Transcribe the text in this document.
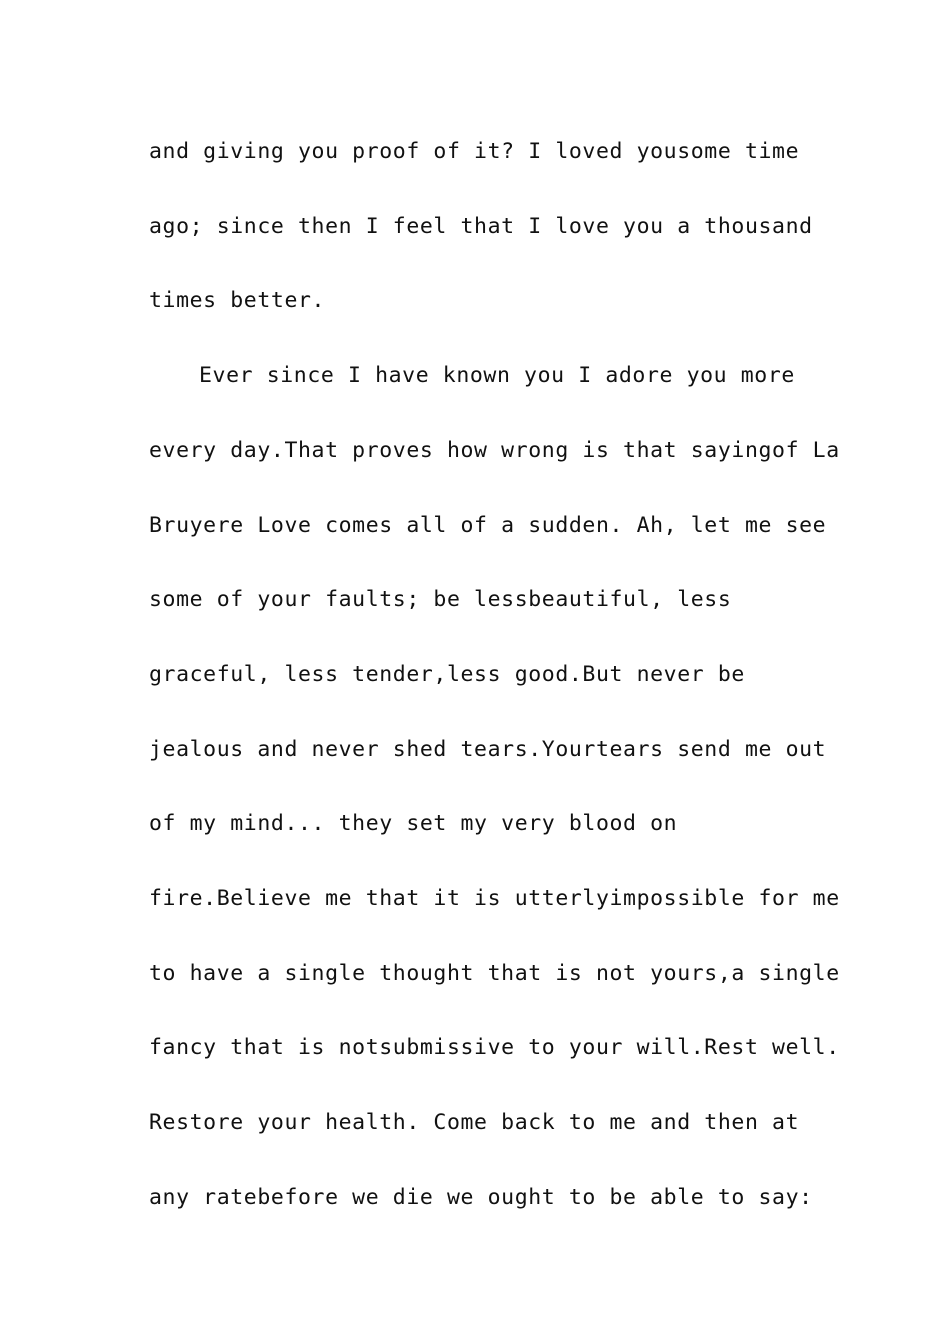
and giving you proof of it? I loved yousome time
ago; since then I feel that I love you a thousand
times better.
Ever since I have known you I adore you more
every day.That proves how wrong is that sayingof La
Bruyere Love comes all of a sudden. Ah, let me see
some of your faults; be lessbeautiful, less
graceful, less tender,less good.But never be
jealous and never shed tears.Yourtears send me out
of my mind... they set my very blood on
fire.Believe me that it is utterlyimpossible for me
to have a single thought that is not yours,a single
fancy that is notsubmissive to your will.Rest well.
Restore your health. Come back to me and then at
any ratebefore we die we ought to be able to say:
